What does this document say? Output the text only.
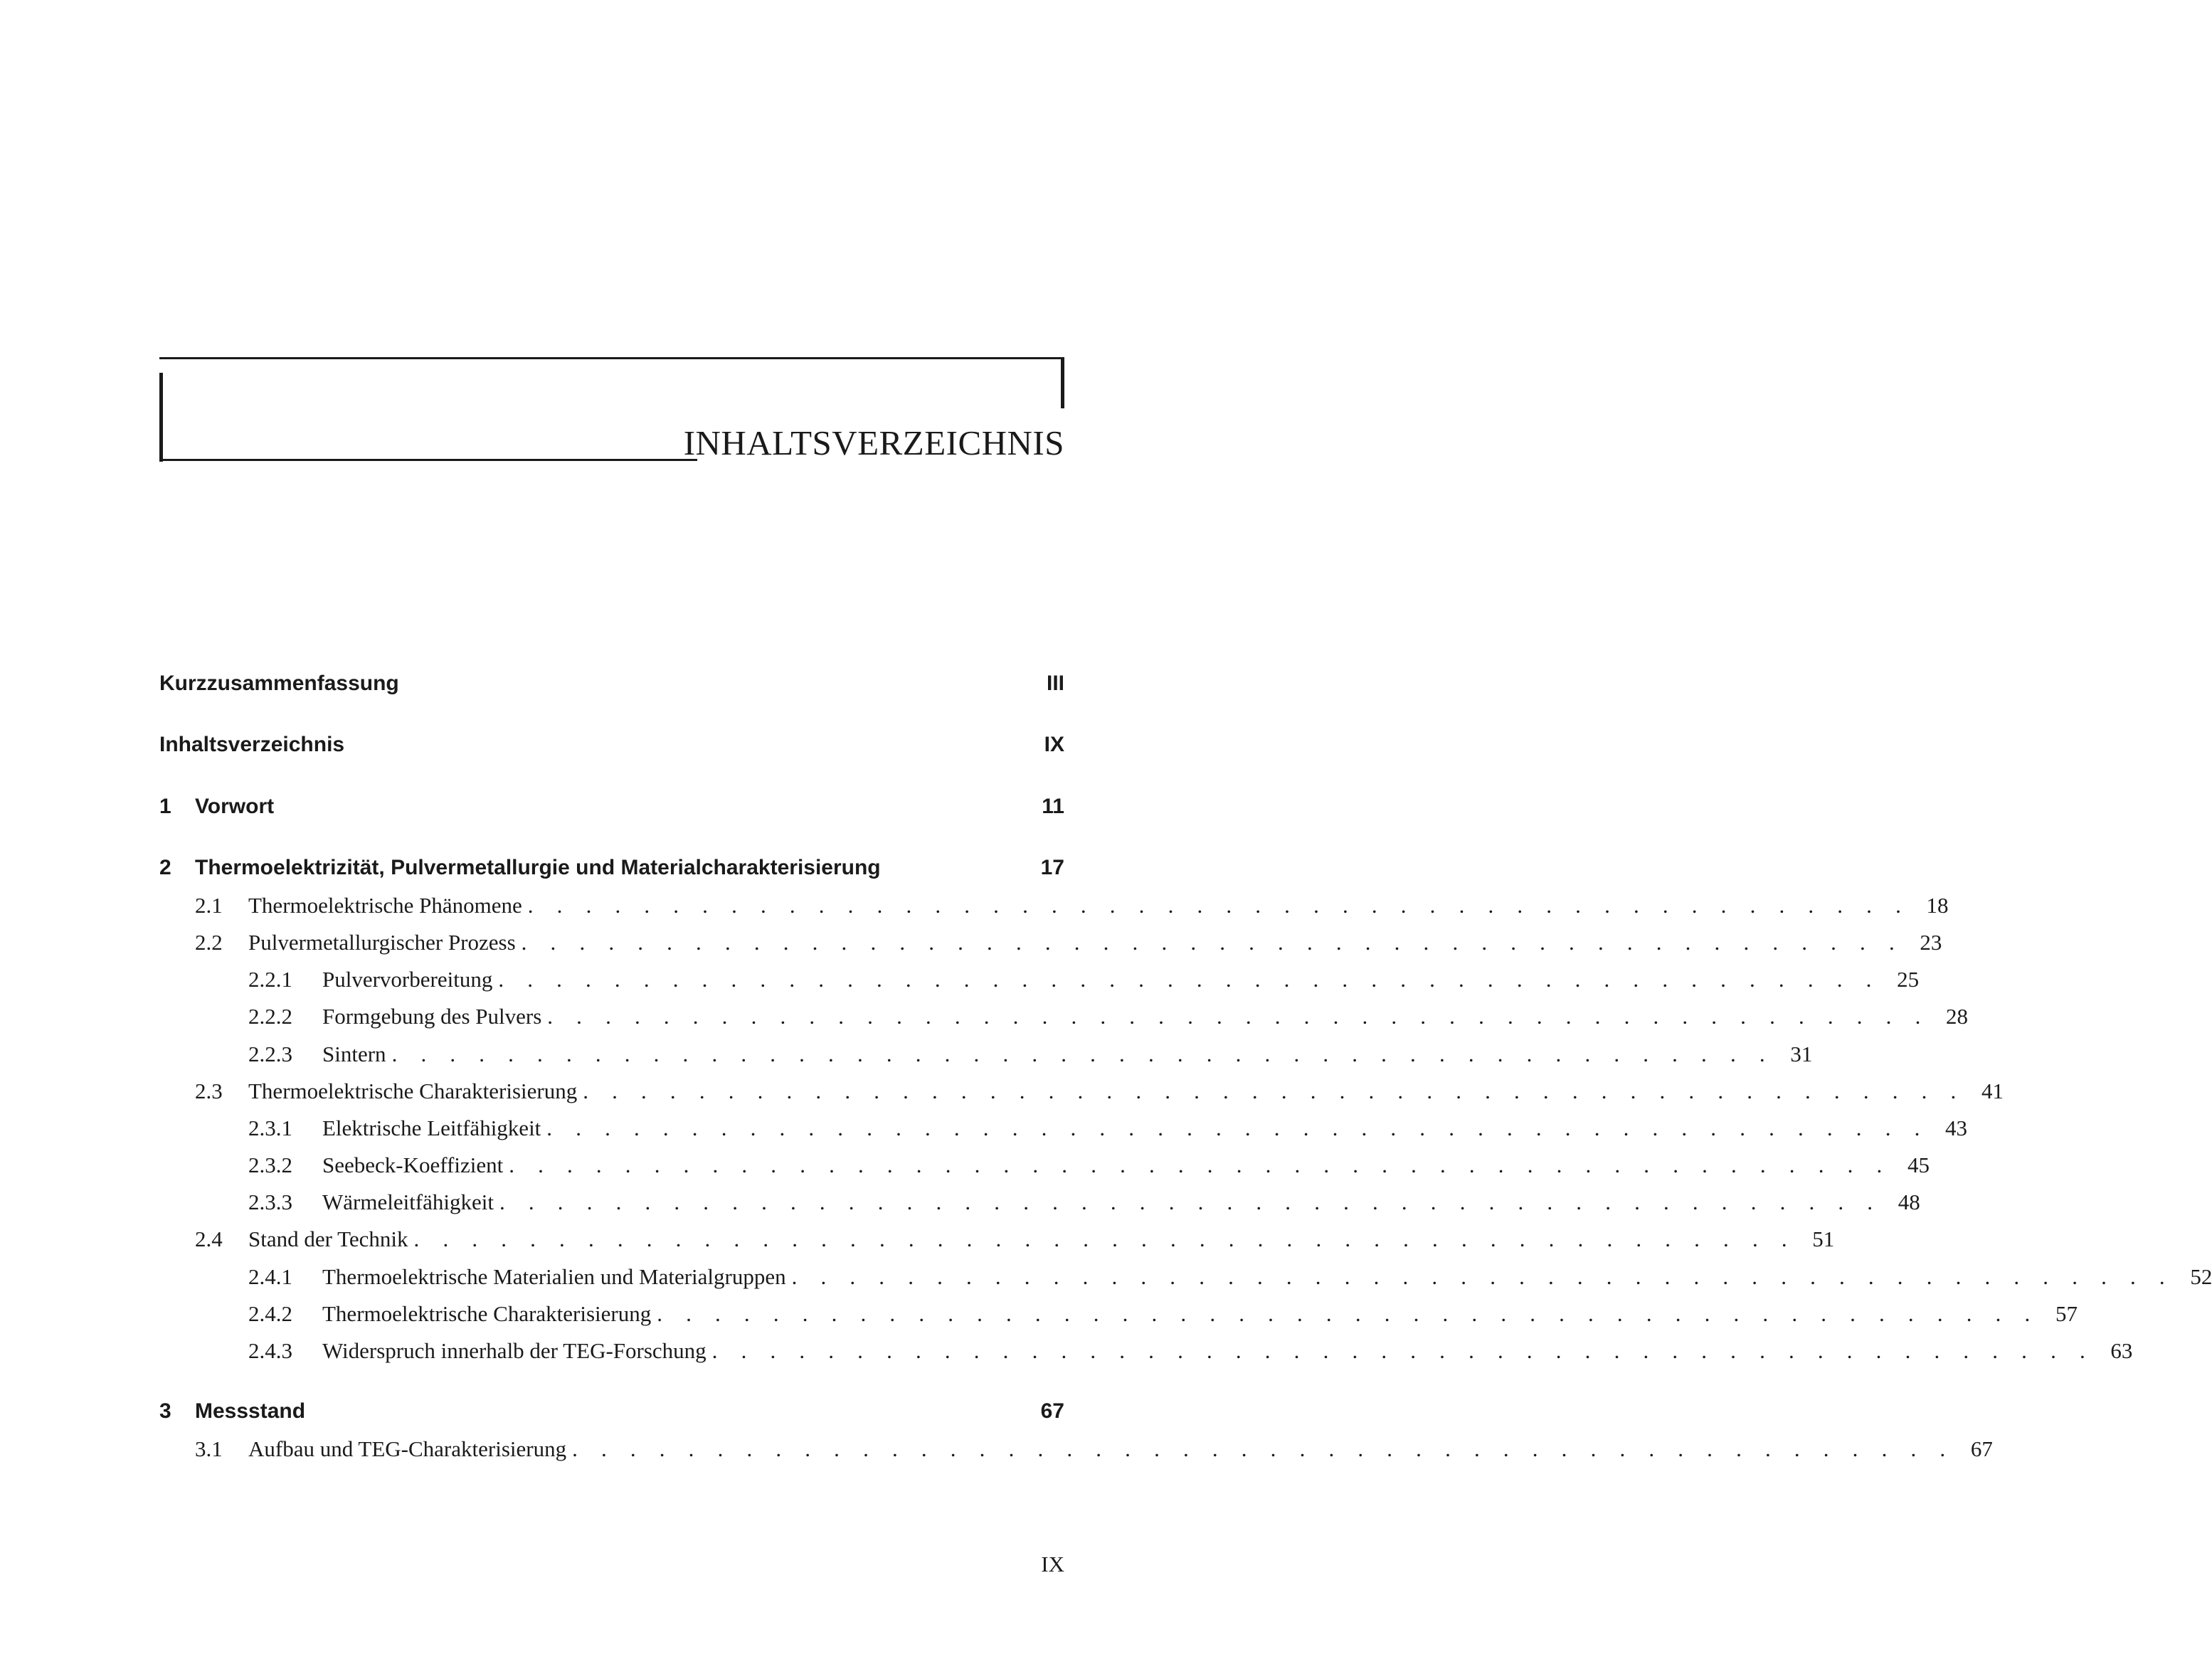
INHALTSVERZEICHNIS
Kurzzusammenfassung	III
Inhaltsverzeichnis	IX
1	Vorwort	11
2	Thermoelektrizität, Pulvermetallurgie und Materialcharakterisierung	17
2.1	Thermoelektrische Phänomene . . . . . . . . . . . . . . . . . . . . . . . . . . . . . . . . . . . . . . . . . . . . . . . . 18
2.2	Pulvermetallurgischer Prozess . . . . . . . . . . . . . . . . . . . . . . . . . . . . . . . . . . . . . . . . . . . . . . . . 23
2.2.1	Pulvervorbereitung . . . . . . . . . . . . . . . . . . . . . . . . . . . . . . . . . . . . . . . . . . . . . . . . 25
2.2.2	Formgebung des Pulvers . . . . . . . . . . . . . . . . . . . . . . . . . . . . . . . . . . . . . . . . . . . . . . . . 28
2.2.3	Sintern . . . . . . . . . . . . . . . . . . . . . . . . . . . . . . . . . . . . . . . . . . . . . . . . 31
2.3	Thermoelektrische Charakterisierung . . . . . . . . . . . . . . . . . . . . . . . . . . . . . . . . . . . . . . . . . . . . . . . . 41
2.3.1	Elektrische Leitfähigkeit . . . . . . . . . . . . . . . . . . . . . . . . . . . . . . . . . . . . . . . . . . . . . . . . 43
2.3.2	Seebeck-Koeffizient . . . . . . . . . . . . . . . . . . . . . . . . . . . . . . . . . . . . . . . . . . . . . . . . 45
2.3.3	Wärmeleitfähigkeit . . . . . . . . . . . . . . . . . . . . . . . . . . . . . . . . . . . . . . . . . . . . . . . . 48
2.4	Stand der Technik . . . . . . . . . . . . . . . . . . . . . . . . . . . . . . . . . . . . . . . . . . . . . . . . 51
2.4.1	Thermoelektrische Materialien und Materialgruppen . . . . . . . . . . . . . . . . . . . . . . . . . . . . . . . . . . . . . . . . . . . . . . . . 52
2.4.2	Thermoelektrische Charakterisierung . . . . . . . . . . . . . . . . . . . . . . . . . . . . . . . . . . . . . . . . . . . . . . . . 57
2.4.3	Widerspruch innerhalb der TEG-Forschung . . . . . . . . . . . . . . . . . . . . . . . . . . . . . . . . . . . . . . . . . . . . . . . . 63
3	Messstand	67
3.1	Aufbau und TEG-Charakterisierung . . . . . . . . . . . . . . . . . . . . . . . . . . . . . . . . . . . . . . . . . . . . . . . . 67
IX
